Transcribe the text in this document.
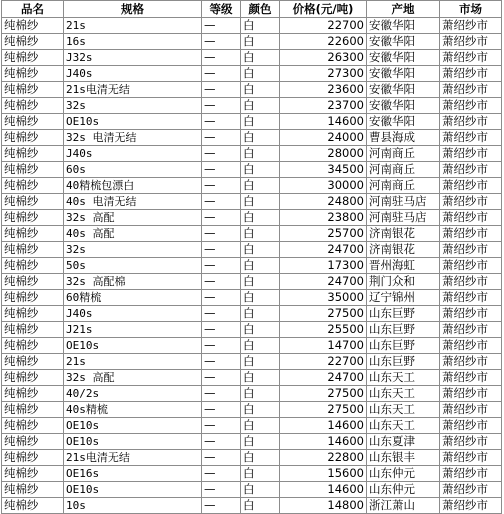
品名	规格	等级	颜色	价格(元/吨)	产地	市场
纯棉纱	21s	—	白	22700	安徽华阳	萧绍纱市
纯棉纱	16s	—	白	22600	安徽华阳	萧绍纱市
纯棉纱	J32s	—	白	26300	安徽华阳	萧绍纱市
纯棉纱	J40s	—	白	27300	安徽华阳	萧绍纱市
纯棉纱	21s电清无结	—	白	23600	安徽华阳	萧绍纱市
纯棉纱	32s	—	白	23700	安徽华阳	萧绍纱市
纯棉纱	OE10s	—	白	14600	安徽华阳	萧绍纱市
纯棉纱	32s 电清无结	—	白	24000	曹县海成	萧绍纱市
纯棉纱	J40s	—	白	28000	河南商丘	萧绍纱市
纯棉纱	60s	—	白	34500	河南商丘	萧绍纱市
纯棉纱	40精梳包漂白	—	白	30000	河南商丘	萧绍纱市
纯棉纱	40s 电清无结	—	白	24800	河南驻马店	萧绍纱市
纯棉纱	32s 高配	—	白	23800	河南驻马店	萧绍纱市
纯棉纱	40s 高配	—	白	25700	济南银花	萧绍纱市
纯棉纱	32s	—	白	24700	济南银花	萧绍纱市
纯棉纱	50s	—	白	17300	晋州海虹	萧绍纱市
纯棉纱	32s 高配棉	—	白	24700	荆门众和	萧绍纱市
纯棉纱	60精梳	—	白	35000	辽宁锦州	萧绍纱市
纯棉纱	J40s	—	白	27500	山东巨野	萧绍纱市
纯棉纱	J21s	—	白	25500	山东巨野	萧绍纱市
纯棉纱	OE10s	—	白	14700	山东巨野	萧绍纱市
纯棉纱	21s	—	白	22700	山东巨野	萧绍纱市
纯棉纱	32s 高配	—	白	24700	山东天工	萧绍纱市
纯棉纱	40/2s	—	白	27500	山东天工	萧绍纱市
纯棉纱	40s精梳	—	白	27500	山东天工	萧绍纱市
纯棉纱	OE10s	—	白	14600	山东天工	萧绍纱市
纯棉纱	OE10s	—	白	14600	山东夏津	萧绍纱市
纯棉纱	21s电清无结	—	白	22800	山东银丰	萧绍纱市
纯棉纱	OE16s	—	白	15600	山东仲元	萧绍纱市
纯棉纱	OE10s	—	白	14600	山东仲元	萧绍纱市
纯棉纱	10s	—	白	14800	浙江萧山	萧绍纱市
